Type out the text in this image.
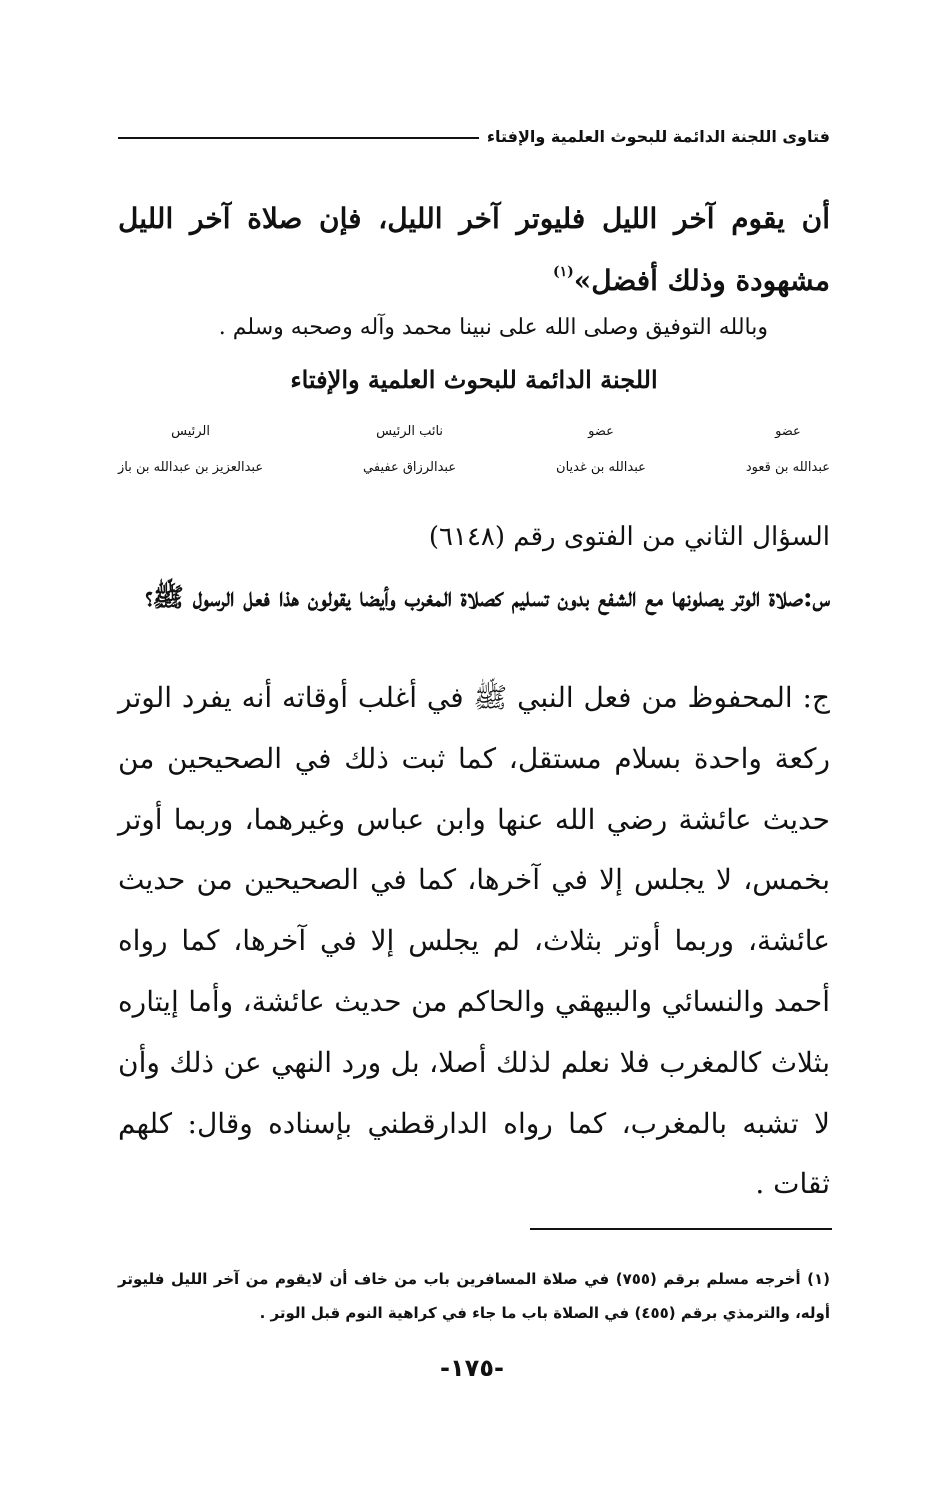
فتاوى اللجنة الدائمة للبحوث العلمية والإفتاء
أن يقوم آخر الليل فليوتر آخر الليل، فإن صلاة آخر الليل مشهودة وذلك أفضل»$^{(١)}$
وبالله التوفيق وصلى الله على نبينا محمد وآله وصحبه وسلم .
اللجنة الدائمة للبحوث العلمية والإفتاء
عضو
عبدالله بن قعود
عضو
عبدالله بن غديان
نائب الرئيس
عبدالرزاق عفيفي
الرئيس
عبدالعزيز بن عبدالله بن باز
السؤال الثاني من الفتوى رقم (٦١٤٨)
س:صلاة الوتر يصلونها مع الشفع بدون تسليم كصلاة المغرب وأيضا يقولون هذا فعل الرسول ﷺ؟
ج: المحفوظ من فعل النبي ﷺ في أغلب أوقاته أنه يفرد الوتر ركعة واحدة بسلام مستقل، كما ثبت ذلك في الصحيحين من حديث عائشة رضي الله عنها وابن عباس وغيرهما، وربما أوتر بخمس، لا يجلس إلا في آخرها، كما في الصحيحين من حديث عائشة، وربما أوتر بثلاث، لم يجلس إلا في آخرها، كما رواه أحمد والنسائي والبيهقي والحاكم من حديث عائشة، وأما إيتاره بثلاث كالمغرب فلا نعلم لذلك أصلا، بل ورد النهي عن ذلك وأن لا تشبه بالمغرب، كما رواه الدارقطني بإسناده وقال: كلهم ثقات .
(١) أخرجه مسلم برقم (٧٥٥) في صلاة المسافرين باب من خاف أن لايقوم من آخر الليل فليوتر أوله، والترمذي برقم (٤٥٥) في الصلاة باب ما جاء في كراهية النوم قبل الوتر .
-١٧٥-
